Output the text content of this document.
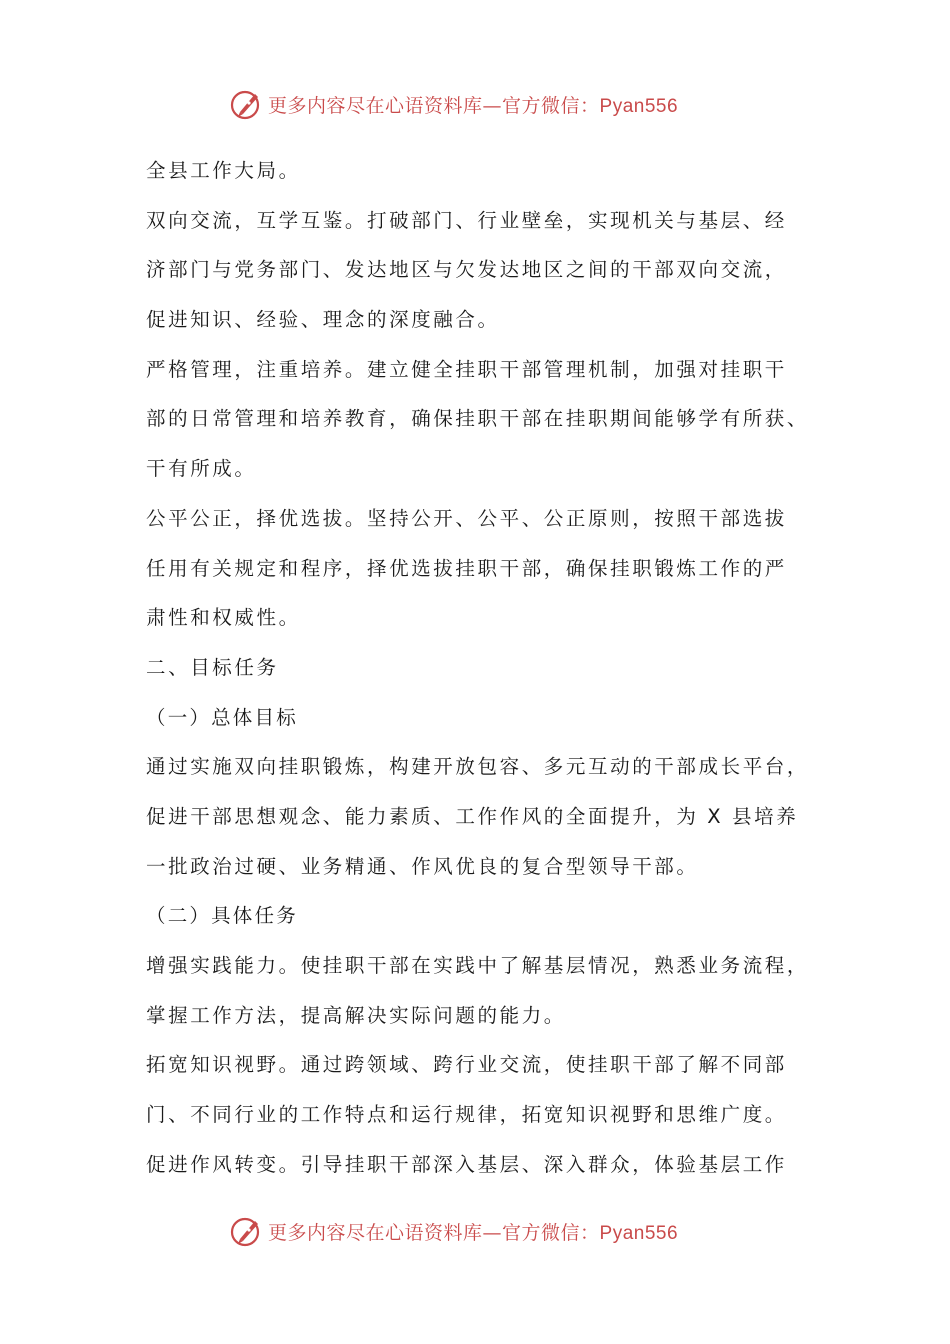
更多内容尽在心语资料库—官方微信：Pyan556
全县工作大局。
双向交流，互学互鉴。打破部门、行业壁垒，实现机关与基层、经
济部门与党务部门、发达地区与欠发达地区之间的干部双向交流，
促进知识、经验、理念的深度融合。
严格管理，注重培养。建立健全挂职干部管理机制，加强对挂职干
部的日常管理和培养教育，确保挂职干部在挂职期间能够学有所获、
干有所成。
公平公正，择优选拔。坚持公开、公平、公正原则，按照干部选拔
任用有关规定和程序，择优选拔挂职干部，确保挂职锻炼工作的严
肃性和权威性。
二、目标任务
（一）总体目标
通过实施双向挂职锻炼，构建开放包容、多元互动的干部成长平台，
促进干部思想观念、能力素质、工作作风的全面提升，为 X 县培养
一批政治过硬、业务精通、作风优良的复合型领导干部。
（二）具体任务
增强实践能力。使挂职干部在实践中了解基层情况，熟悉业务流程，
掌握工作方法，提高解决实际问题的能力。
拓宽知识视野。通过跨领域、跨行业交流，使挂职干部了解不同部
门、不同行业的工作特点和运行规律，拓宽知识视野和思维广度。
促进作风转变。引导挂职干部深入基层、深入群众，体验基层工作
更多内容尽在心语资料库—官方微信：Pyan556
